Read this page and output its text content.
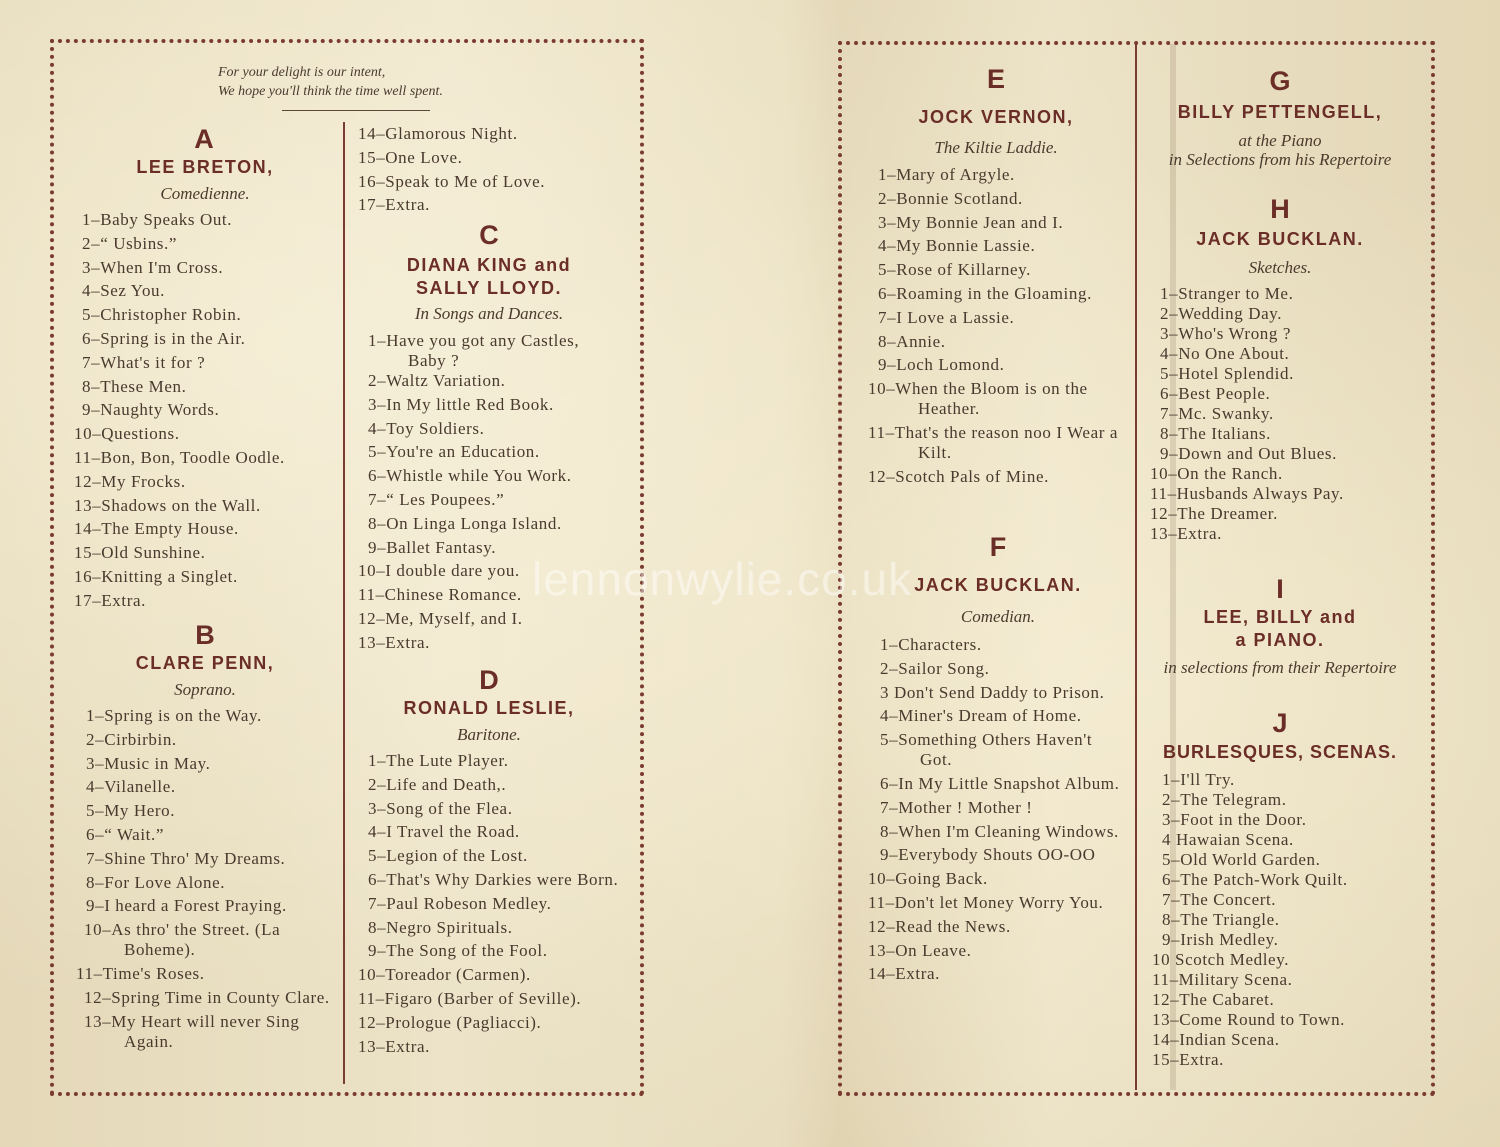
For your delight is our intent,
We hope you'll think the time well spent.
A
LEE BRETON,
Comedienne.
1–Baby Speaks Out.
2–“ Usbins.”
3–When I'm Cross.
4–Sez You.
5–Christopher Robin.
6–Spring is in the Air.
7–What's it for ?
8–These Men.
9–Naughty Words.
10–Questions.
11–Bon, Bon, Toodle Oodle.
12–My Frocks.
13–Shadows on the Wall.
14–The Empty House.
15–Old Sunshine.
16–Knitting a Singlet.
17–Extra.
B
CLARE PENN,
Soprano.
1–Spring is on the Way.
2–Cirbirbin.
3–Music in May.
4–Vilanelle.
5–My Hero.
6–“ Wait.”
7–Shine Thro' My Dreams.
8–For Love Alone.
9–I heard a Forest Praying.
10–As thro' the Street. (La Boheme).
11–Time's Roses.
12–Spring Time in County Clare.
13–My Heart will never Sing Again.
14–Glamorous Night.
15–One Love.
16–Speak to Me of Love.
17–Extra.
C
DIANA KING and
SALLY LLOYD.
In Songs and Dances.
1–Have you got any Castles, Baby ?
2–Waltz Variation.
3–In My little Red Book.
4–Toy Soldiers.
5–You're an Education.
6–Whistle while You Work.
7–“ Les Poupees.”
8–On Linga Longa Island.
9–Ballet Fantasy.
10–I double dare you.
11–Chinese Romance.
12–Me, Myself, and I.
13–Extra.
D
RONALD LESLIE,
Baritone.
1–The Lute Player.
2–Life and Death,.
3–Song of the Flea.
4–I Travel the Road.
5–Legion of the Lost.
6–That's Why Darkies were Born.
7–Paul Robeson Medley.
8–Negro Spirituals.
9–The Song of the Fool.
10–Toreador (Carmen).
11–Figaro (Barber of Seville).
12–Prologue (Pagliacci).
13–Extra.
E
JOCK VERNON,
The Kiltie Laddie.
1–Mary of Argyle.
2–Bonnie Scotland.
3–My Bonnie Jean and I.
4–My Bonnie Lassie.
5–Rose of Killarney.
6–Roaming in the Gloaming.
7–I Love a Lassie.
8–Annie.
9–Loch Lomond.
10–When the Bloom is on the Heather.
11–That's the reason noo I Wear a Kilt.
12–Scotch Pals of Mine.
F
JACK BUCKLAN.
Comedian.
1–Characters.
2–Sailor Song.
3 Don't Send Daddy to Prison.
4–Miner's Dream of Home.
5–Something Others Haven't Got.
6–In My Little Snapshot Album.
7–Mother ! Mother !
8–When I'm Cleaning Windows.
9–Everybody Shouts OO-OO
10–Going Back.
11–Don't let Money Worry You.
12–Read the News.
13–On Leave.
14–Extra.
G
BILLY PETTENGELL,
at the Piano
in Selections from his Repertoire
H
JACK BUCKLAN.
Sketches.
1–Stranger to Me.
2–Wedding Day.
3–Who's Wrong ?
4–No One About.
5–Hotel Splendid.
6–Best People.
7–Mc. Swanky.
8–The Italians.
9–Down and Out Blues.
10–On the Ranch.
11–Husbands Always Pay.
12–The Dreamer.
13–Extra.
I
LEE, BILLY and
a PIANO.
in selections from their Repertoire
J
BURLESQUES, SCENAS.
1–I'll Try.
2–The Telegram.
3–Foot in the Door.
4 Hawaian Scena.
5–Old World Garden.
6–The Patch-Work Quilt.
7–The Concert.
8–The Triangle.
9–Irish Medley.
10 Scotch Medley.
11–Military Scena.
12–The Cabaret.
13–Come Round to Town.
14–Indian Scena.
15–Extra.
lennonwylie.co.uk
